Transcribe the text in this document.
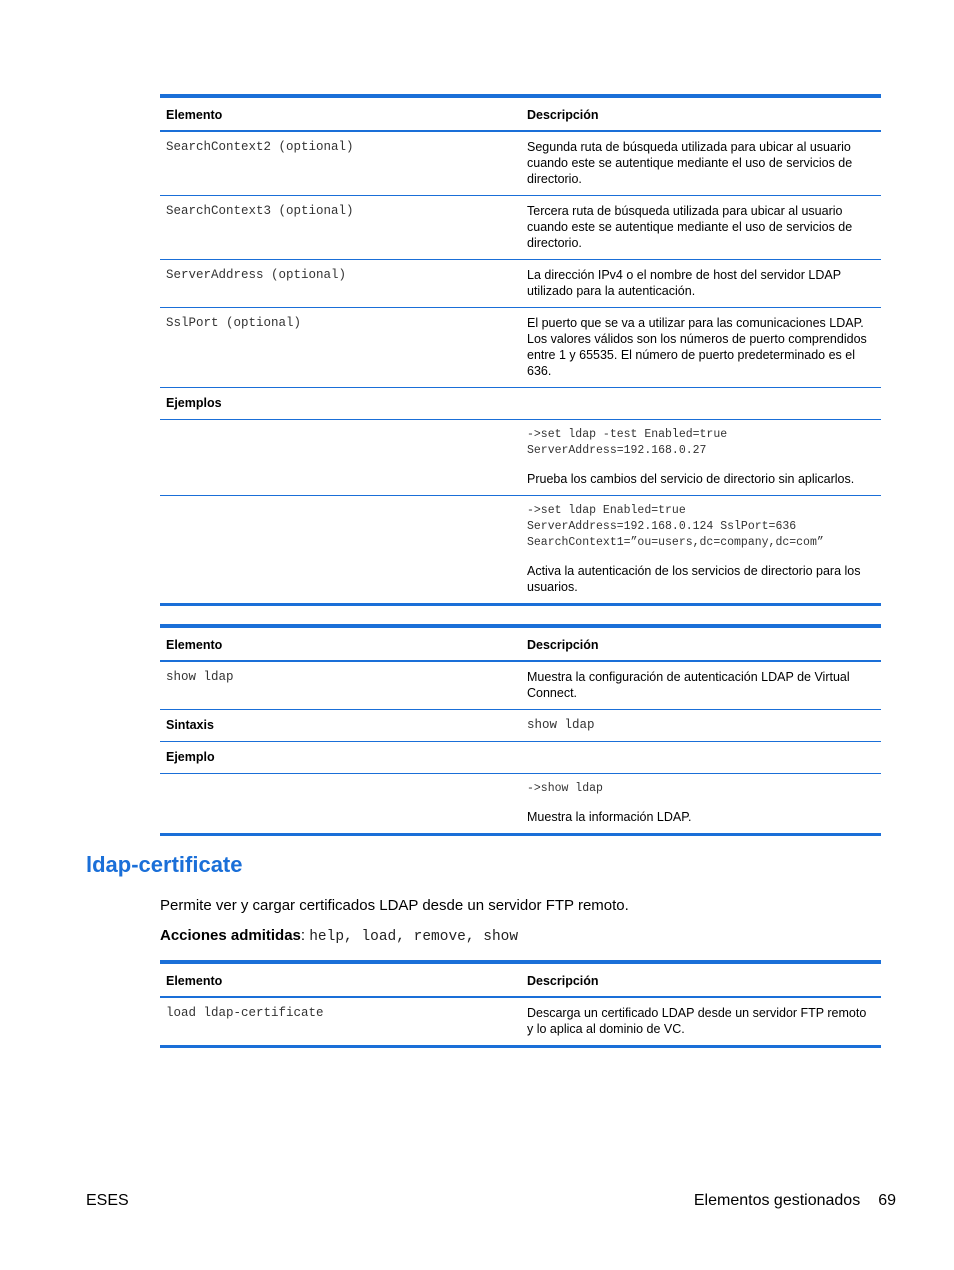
Elemento	Descripción
SearchContext2 (optional)	Segunda ruta de búsqueda utilizada para ubicar al usuario cuando este se autentique mediante el uso de servicios de directorio.
SearchContext3 (optional)	Tercera ruta de búsqueda utilizada para ubicar al usuario cuando este se autentique mediante el uso de servicios de directorio.
ServerAddress (optional)	La dirección IPv4 o el nombre de host del servidor LDAP utilizado para la autenticación.
SslPort (optional)	El puerto que se va a utilizar para las comunicaciones LDAP. Los valores válidos son los números de puerto comprendidos entre 1 y 65535. El número de puerto predeterminado es el 636.
Ejemplos	

	->set ldap -test Enabled=true
ServerAddress=192.168.0.27
Prueba los cambios del servicio de directorio sin aplicarlos.

	->set ldap Enabled=true
ServerAddress=192.168.0.124 SslPort=636
SearchContext1=”ou=users,dc=company,dc=com”
Activa la autenticación de los servicios de directorio para los usuarios.
Elemento	Descripción
show ldap	Muestra la configuración de autenticación LDAP de Virtual Connect.
Sintaxis	show ldap
Ejemplo	

	->show ldap
Muestra la información LDAP.
ldap-certificate
Permite ver y cargar certificados LDAP desde un servidor FTP remoto.
Acciones admitidas: help, load, remove, show
Elemento	Descripción
load ldap-certificate	Descarga un certificado LDAP desde un servidor FTP remoto y lo aplica al dominio de VC.
ESES	Elementos gestionados 69
